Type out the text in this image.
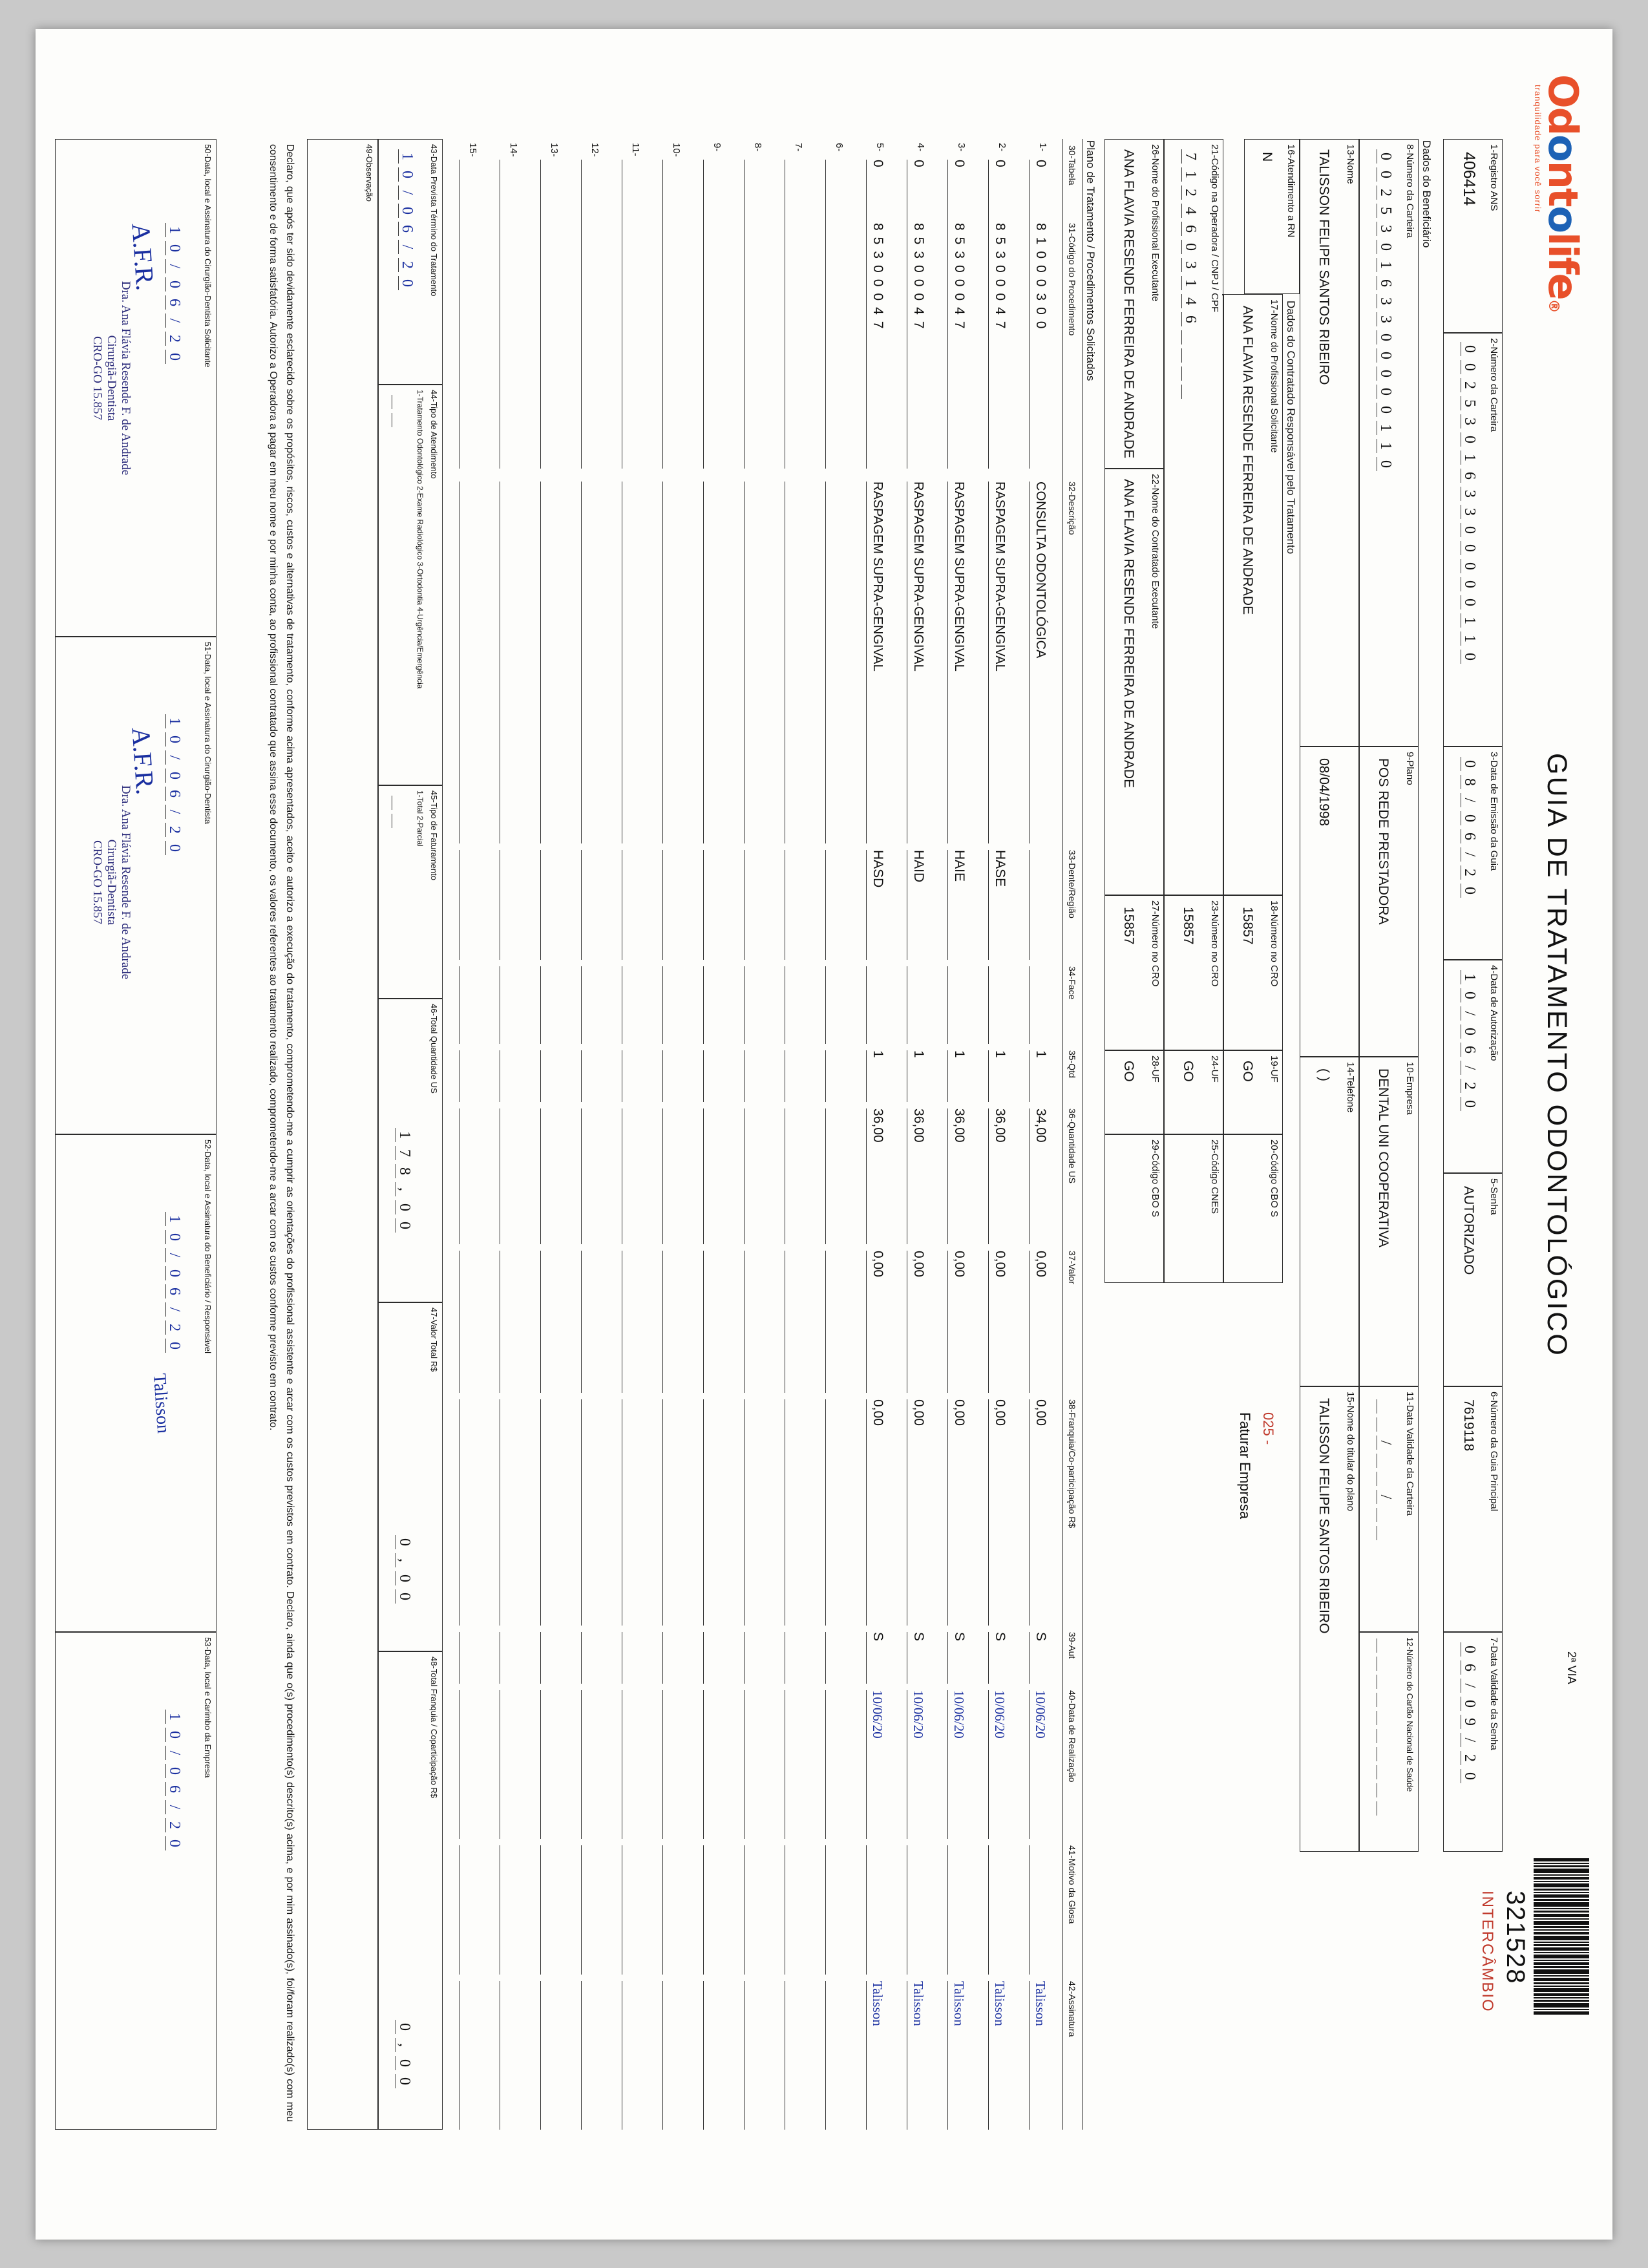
Odontolife®
tranquilidade para você sorrir
GUIA DE TRATAMENTO ODONTOLÓGICO
2ª VIA
321528
INTERCÂMBIO
1-Registro ANS
406414
2-Número da Carteira
0
0
2
5
3
0
1
6
3
3
0
0
0
0
0
1
1
0
3-Data de Emissão da Guia
0
8
/
0
6
/
2
0
4-Data de Autorização
1
0
/
0
6
/
2
0
5-Senha
AUTORIZADO
6-Número da Guia Principal
7619118
7-Data Validade da Senha
0
6
/
0
9
/
2
0
Dados do Beneficiário
8-Número da Carteira
0
0
2
5
3
0
1
6
3
3
0
0
0
0
0
1
1
0
9-Plano
POS REDE PRESTADORA
10-Empresa
DENTAL UNI COOPERATIVA
11-Data Validade da Carteira
/
/
12-Número do Cartão Nacional de Saúde
13-Nome
TALISSON FELIPE SANTOS RIBEIRO
08/04/1998
14-Telefone
( )
15-Nome do titular do plano
TALISSON FELIPE SANTOS RIBEIRO
16-Atendimento a RN
N
Dados do Contratado Responsável pelo Tratamento
17-Nome do Profissional Solicitante
ANA FLAVIA RESENDE FERREIRA DE ANDRADE
18-Número no CRO
15857
19-UF
GO
20-Código CBO S
025 -
Faturar Empresa
21-Código na Operadora / CNPJ / CPF
7
1
2
4
6
0
3
1
4
6
23-Número no CRO
15857
24-UF
GO
25-Código CNES
22-Nome do Contratado Executante
ANA FLAVIA RESENDE FERREIRA DE ANDRADE
26-Nome do Profissional Executante
ANA FLAVIA RESENDE FERREIRA DE ANDRADE
27-Número no CRO
15857
28-UF
GO
29-Código CBO S
Plano de Tratamento / Procedimentos Solicitados
30-Tabela
31-Código do Procedimento
32-Descrição
33-Dente/Região
34-Face
35-Qtd
36-Quantidade US
37-Valor
38-Franquia/Co-participação R$
39-Aut
40-Data de Realização
41-Motivo da Glosa
42-Assinatura
1-
0
81000300
CONSULTA ODONTOLÓGICA
1
34,00
0,00
0,00
S
10/06/20
Talisson
2-
0
85300047
RASPAGEM SUPRA-GENGIVAL
HASE
1
36,00
0,00
0,00
S
10/06/20
Talisson
3-
0
85300047
RASPAGEM SUPRA-GENGIVAL
HAIE
1
36,00
0,00
0,00
S
10/06/20
Talisson
4-
0
85300047
RASPAGEM SUPRA-GENGIVAL
HAID
1
36,00
0,00
0,00
S
10/06/20
Talisson
5-
0
85300047
RASPAGEM SUPRA-GENGIVAL
HASD
1
36,00
0,00
0,00
S
10/06/20
Talisson
6-
7-
8-
9-
10-
11-
12-
13-
14-
15-
43-Data Prevista Término do Tratamento
1
0
/
0
6
/
2
0
44-Tipo de Atendimento
1-Tratamento Odontológico 2-Exame Radiológico 3-Ortodontia 4-Urgência/Emergência
45-Tipo de Faturamento
1-Total 2-Parcial
46-Total Quantidade US
1
7
8
,
0
0
47-Valor Total R$
0
,
0
0
48-Total Franquia / Coparticipação R$
0
,
0
0
49-Observação
Declaro, que após ter sido devidamente esclarecido sobre os propósitos, riscos, custos e alternativas de tratamento, conforme acima apresentados, aceito e autorizo a execução do tratamento, comprometendo-me a cumprir as orientações do profissional assistente e arcar com os custos previstos em contrato. Declaro, ainda que o(s) procedimento(s) descrito(s) acima, e por mim assinado(s), foi/foram realizado(s) com meu consentimento e de forma satisfatória. Autorizo a Operadora a pagar em meu nome e por minha conta, ao profissional contratado que assina esse documento, os valores referentes ao tratamento realizado, comprometendo-me a arcar com os custos conforme previsto em contrato.
50-Data, local e Assinatura do Cirurgião-Dentista Solicitante
1
0
/
0
6
/
2
0
A.F.R.
Dra. Ana Flávia Resende F. de Andrade
Cirurgiã-Dentista
CRO-GO 15.857
51-Data, local e Assinatura do Cirurgião-Dentista
1
0
/
0
6
/
2
0
A.F.R.
Dra. Ana Flávia Resende F. de Andrade
Cirurgiã-Dentista
CRO-GO 15.857
52-Data, local e Assinatura do Beneficiário / Responsável
1
0
/
0
6
/
2
0
Talisson
53-Data, local e Carimbo da Empresa
1
0
/
0
6
/
2
0
